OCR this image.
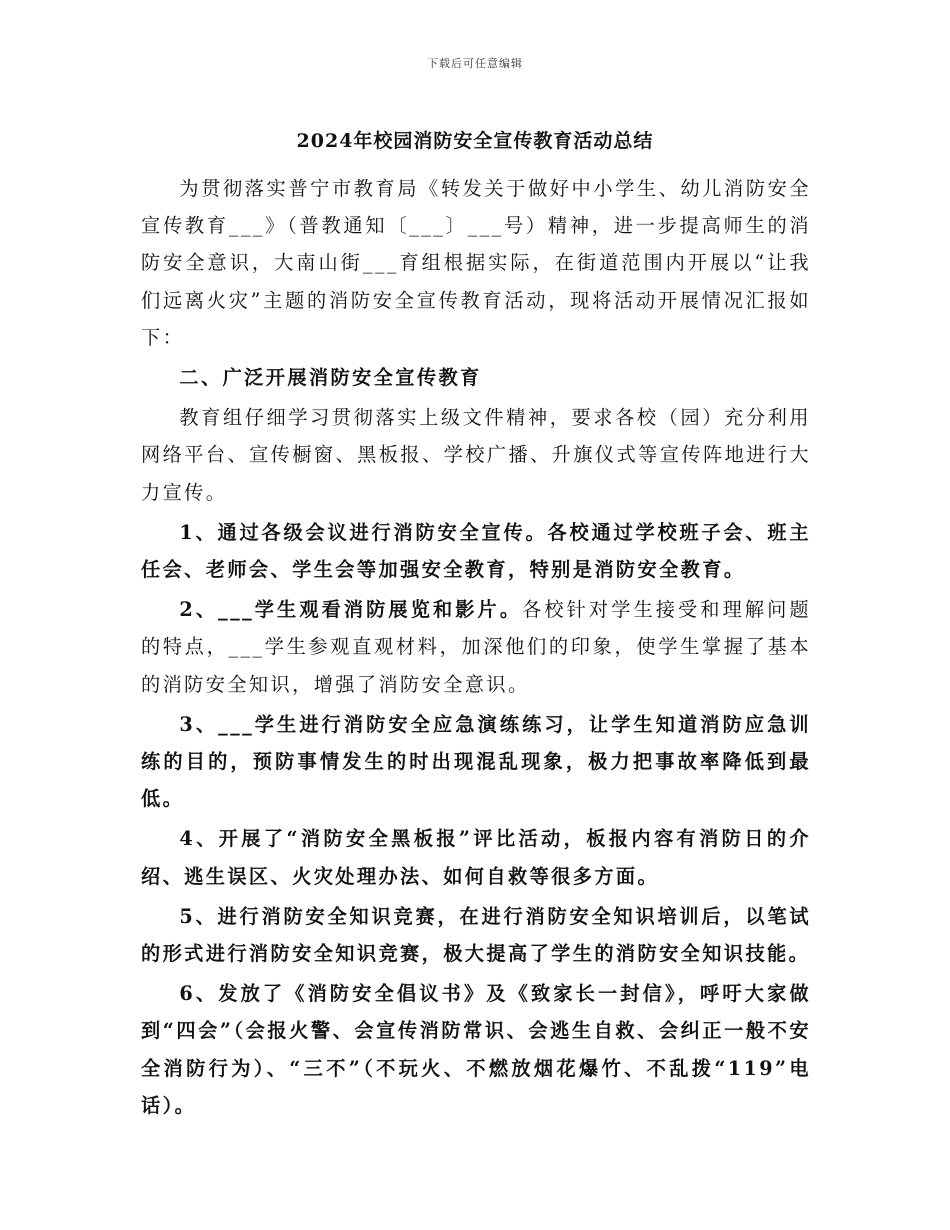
下载后可任意编辑
2024年校园消防安全宣传教育活动总结

为贯彻落实普宁市教育局《转发关于做好中小学生、幼儿消防安全宣传教育___》（普教通知〔___〕___号）精神，进一步提高师生的消防安全意识，大南山街___育组根据实际，在街道范围内开展以“让我们远离火灾”主题的消防安全宣传教育活动，现将活动开展情况汇报如下：

二、广泛开展消防安全宣传教育

教育组仔细学习贯彻落实上级文件精神，要求各校（园）充分利用网络平台、宣传橱窗、黑板报、学校广播、升旗仪式等宣传阵地进行大力宣传。

1、通过各级会议进行消防安全宣传。各校通过学校班子会、班主任会、老师会、学生会等加强安全教育，特别是消防安全教育。

2、___学生观看消防展览和影片。各校针对学生接受和理解问题的特点，___学生参观直观材料，加深他们的印象，使学生掌握了基本的消防安全知识，增强了消防安全意识。

3、___学生进行消防安全应急演练练习，让学生知道消防应急训练的目的，预防事情发生的时出现混乱现象，极力把事故率降低到最低。

4、开展了“消防安全黑板报”评比活动，板报内容有消防日的介绍、逃生误区、火灾处理办法、如何自救等很多方面。

5、进行消防安全知识竞赛，在进行消防安全知识培训后，以笔试的形式进行消防安全知识竞赛，极大提高了学生的消防安全知识技能。

6、发放了《消防安全倡议书》及《致家长一封信》，呼吁大家做到“四会”（会报火警、会宣传消防常识、会逃生自救、会纠正一般不安全消防行为）、“三不”（不玩火、不燃放烟花爆竹、不乱拨“119”电话）。
